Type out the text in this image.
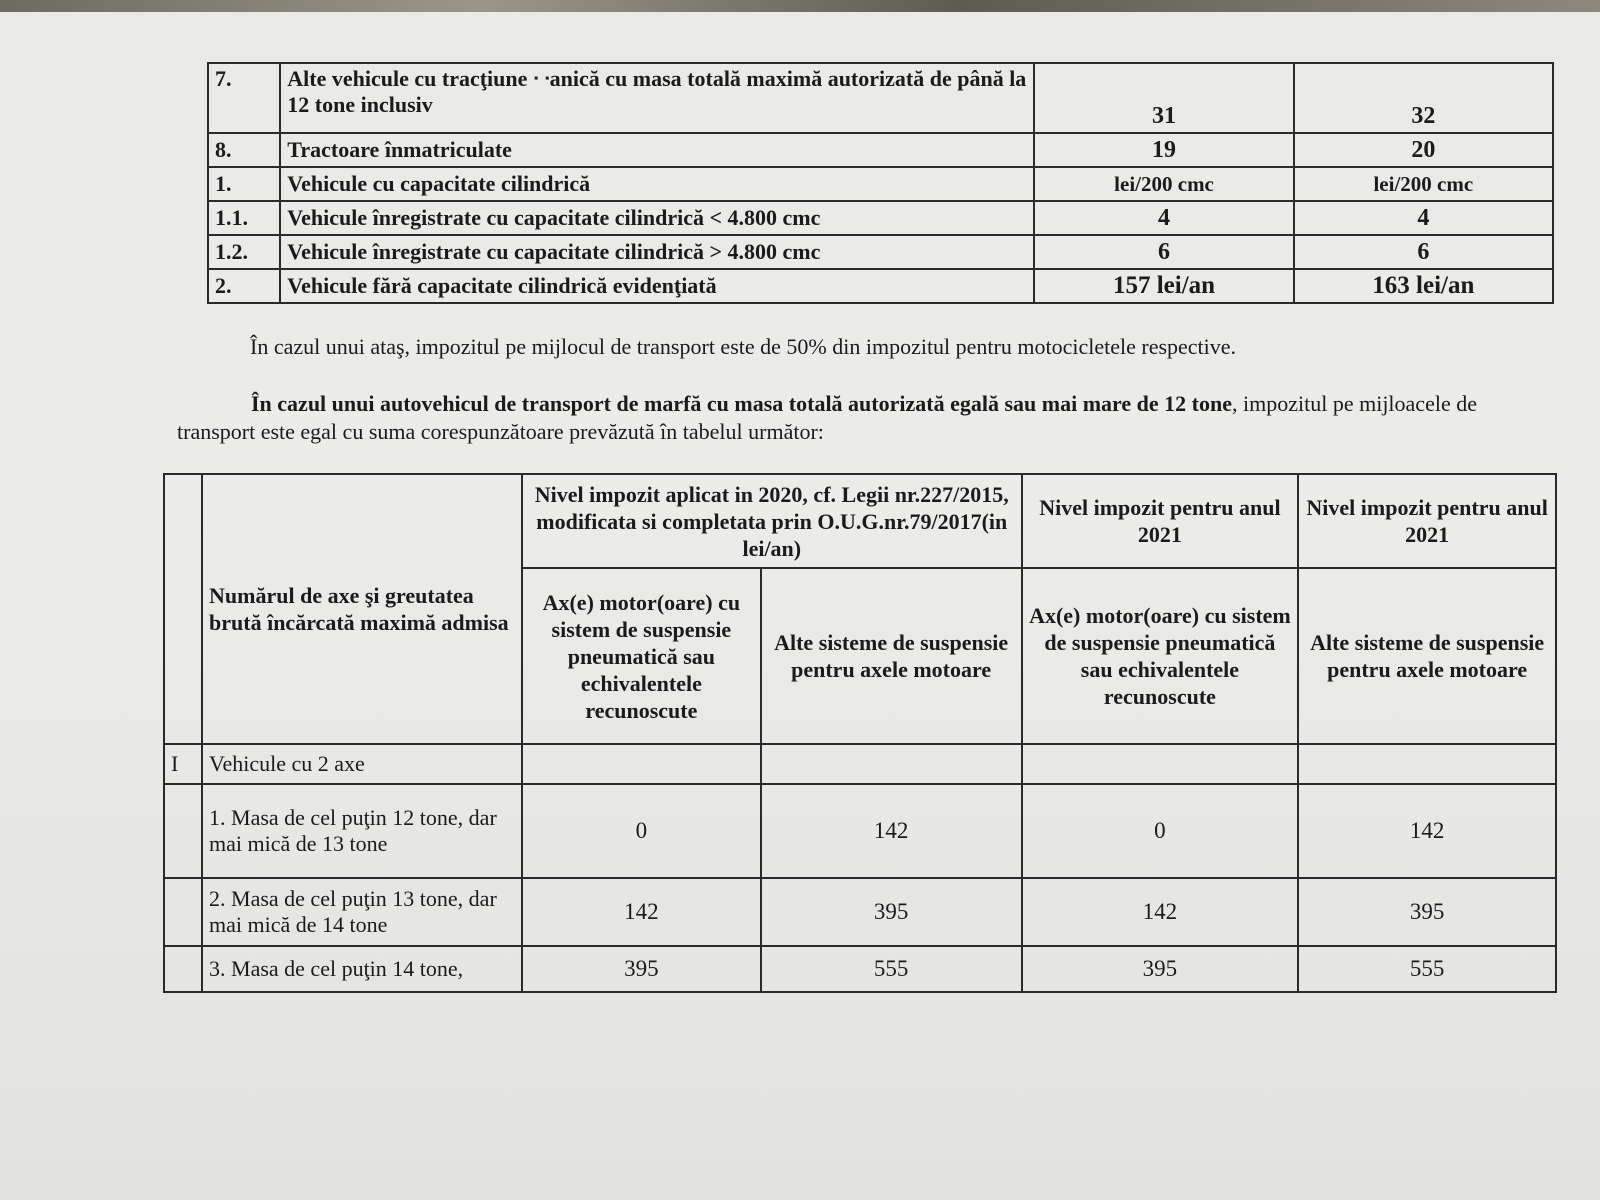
7.	Alte vehicule cu tracţiune ᐧ ᐧanică cu masa totală maximă autorizată de până la 12 tone inclusiv	31	32
8.	Tractoare înmatriculate	19	20
1.	Vehicule cu capacitate cilindrică	lei/200 cmc	lei/200 cmc
1.1.	Vehicule înregistrate cu capacitate cilindrică < 4.800 cmc	4	4
1.2.	Vehicule înregistrate cu capacitate cilindrică > 4.800 cmc	6	6
2.	Vehicule fără capacitate cilindrică evidenţiată	157 lei/an	163 lei/an

În cazul unui ataş, impozitul pe mijlocul de transport este de 50% din impozitul pentru motocicletele respective.

În cazul unui autovehicul de transport de marfă cu masa totală autorizată egală sau mai mare de 12 tone, impozitul pe mijloacele de transport este egal cu suma corespunzătoare prevăzută în tabelul următor:

	Numărul de axe şi greutatea brută încărcată maximă admisa	Nivel impozit aplicat in 2020, cf. Legii nr.227/2015, modificata si completata prin O.U.G.nr.79/2017(in lei/an)		Nivel impozit pentru anul 2021	Nivel impozit pentru anul 2021
		Ax(e) motor(oare) cu sistem de suspensie pneumatică sau echivalentele recunoscute	Alte sisteme de suspensie pentru axele motoare	Ax(e) motor(oare) cu sistem de suspensie pneumatică sau echivalentele recunoscute	Alte sisteme de suspensie pentru axele motoare
I	Vehicule cu 2 axe				
	1. Masa de cel puţin 12 tone, dar mai mică de 13 tone	0	142	0	142
	2. Masa de cel puţin 13 tone, dar mai mică de 14 tone	142	395	142	395
	3. Masa de cel puţin 14 tone,	395	555	395	555
